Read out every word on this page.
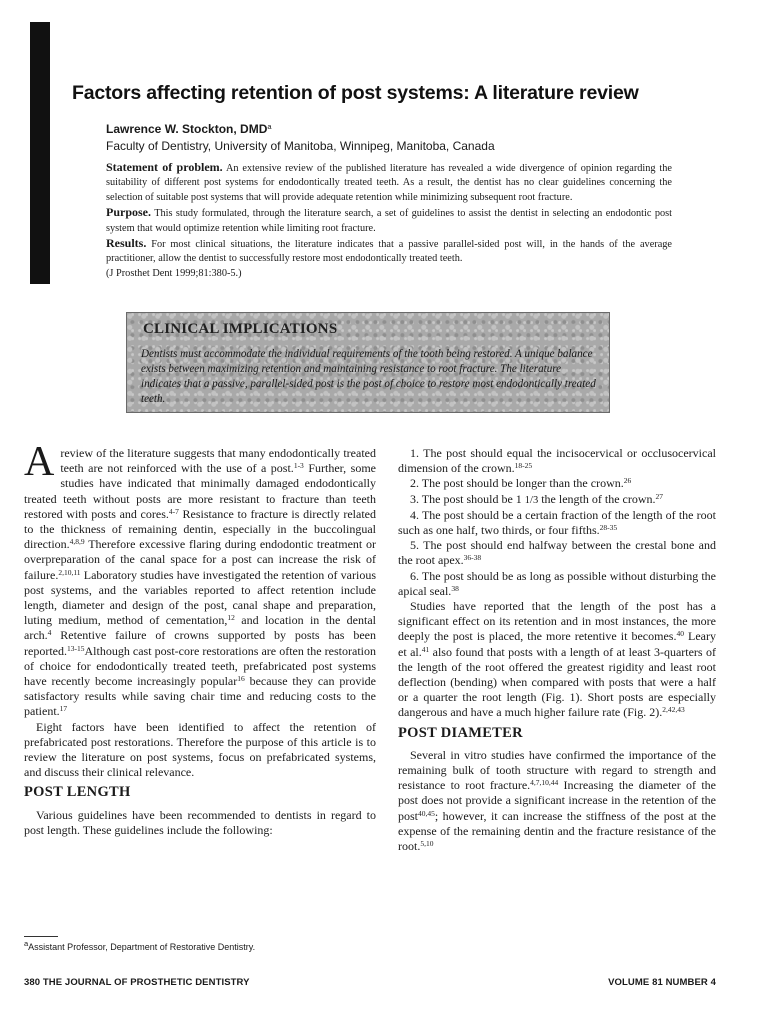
Factors affecting retention of post systems: A literature review
Lawrence W. Stockton, DMD$^a$
Faculty of Dentistry, University of Manitoba, Winnipeg, Manitoba, Canada

Statement of problem. An extensive review of the published literature has revealed a wide divergence of opinion regarding the suitability of different post systems for endodontically treated teeth. As a result, the dentist has no clear guidelines concerning the selection of suitable post systems that will provide adequate retention while minimizing subsequent root fracture.

Purpose. This study formulated, through the literature search, a set of guidelines to assist the dentist in selecting an endodontic post system that would optimize retention while limiting root fracture.

Results. For most clinical situations, the literature indicates that a passive parallel-sided post will, in the hands of the average practitioner, allow the dentist to successfully restore most endodontically treated teeth.

(J Prosthet Dent 1999;81:380-5.)

CLINICAL IMPLICATIONS

Dentists must accommodate the individual requirements of the tooth being restored. A unique balance exists between maximizing retention and maintaining resistance to root fracture. The literature indicates that a passive, parallel-sided post is the post of choice to restore most endodontically treated teeth.

A review of the literature suggests that many endodontically treated teeth are not reinforced with the use of a post.$^{1-3}$ Further, some studies have indicated that minimally damaged endodontically treated teeth without posts are more resistant to fracture than teeth restored with posts and cores.$^{4-7}$ Resistance to fracture is directly related to the thickness of remaining dentin, especially in the buccolingual direction.$^{4,8,9}$ Therefore excessive flaring during endodontic treatment or overpreparation of the canal space for a post can increase the risk of failure.$^{2,10,11}$ Laboratory studies have investigated the retention of various post systems, and the variables reported to affect retention include length, diameter and design of the post, canal shape and preparation, luting medium, method of cementation,$^{12}$ and location in the dental arch.$^4$ Retentive failure of crowns supported by posts has been reported.$^{13-15}$Although cast post-core restorations are often the restoration of choice for endodontically treated teeth, prefabricated post systems have recently become increasingly popular$^{16}$ because they can provide satisfactory results while saving chair time and reducing costs to the patient.$^{17}$

Eight factors have been identified to affect the retention of prefabricated post restorations. Therefore the purpose of this article is to review the literature on post systems, focus on prefabricated systems, and discuss their clinical relevance.

POST LENGTH

Various guidelines have been recommended to dentists in regard to post length. These guidelines include the following:

1. The post should equal the incisocervical or occlusocervical dimension of the crown.$^{18-25}$

2. The post should be longer than the crown.$^{26}$

3. The post should be 1 1/3 the length of the crown.$^{27}$

4. The post should be a certain fraction of the length of the root such as one half, two thirds, or four fifths.$^{28-35}$

5. The post should end halfway between the crestal bone and the root apex.$^{36-38}$

6. The post should be as long as possible without disturbing the apical seal.$^{38}$

Studies have reported that the length of the post has a significant effect on its retention and in most instances, the more deeply the post is placed, the more retentive it becomes.$^{40}$ Leary et al.$^{41}$ also found that posts with a length of at least 3-quarters of the length of the root offered the greatest rigidity and least root deflection (bending) when compared with posts that were a half or a quarter the root length (Fig. 1). Short posts are especially dangerous and have a much higher failure rate (Fig. 2).$^{2,42,43}$

POST DIAMETER

Several in vitro studies have confirmed the importance of the remaining bulk of tooth structure with regard to strength and resistance to root fracture.$^{4,7,10,44}$ Increasing the diameter of the post does not provide a significant increase in the retention of the post$^{40,45}$; however, it can increase the stiffness of the post at the expense of the remaining dentin and the fracture resistance of the root.$^{5,10}$

$^a$Assistant Professor, Department of Restorative Dentistry.
380 THE JOURNAL OF PROSTHETIC DENTISTRY	VOLUME 81 NUMBER 4
